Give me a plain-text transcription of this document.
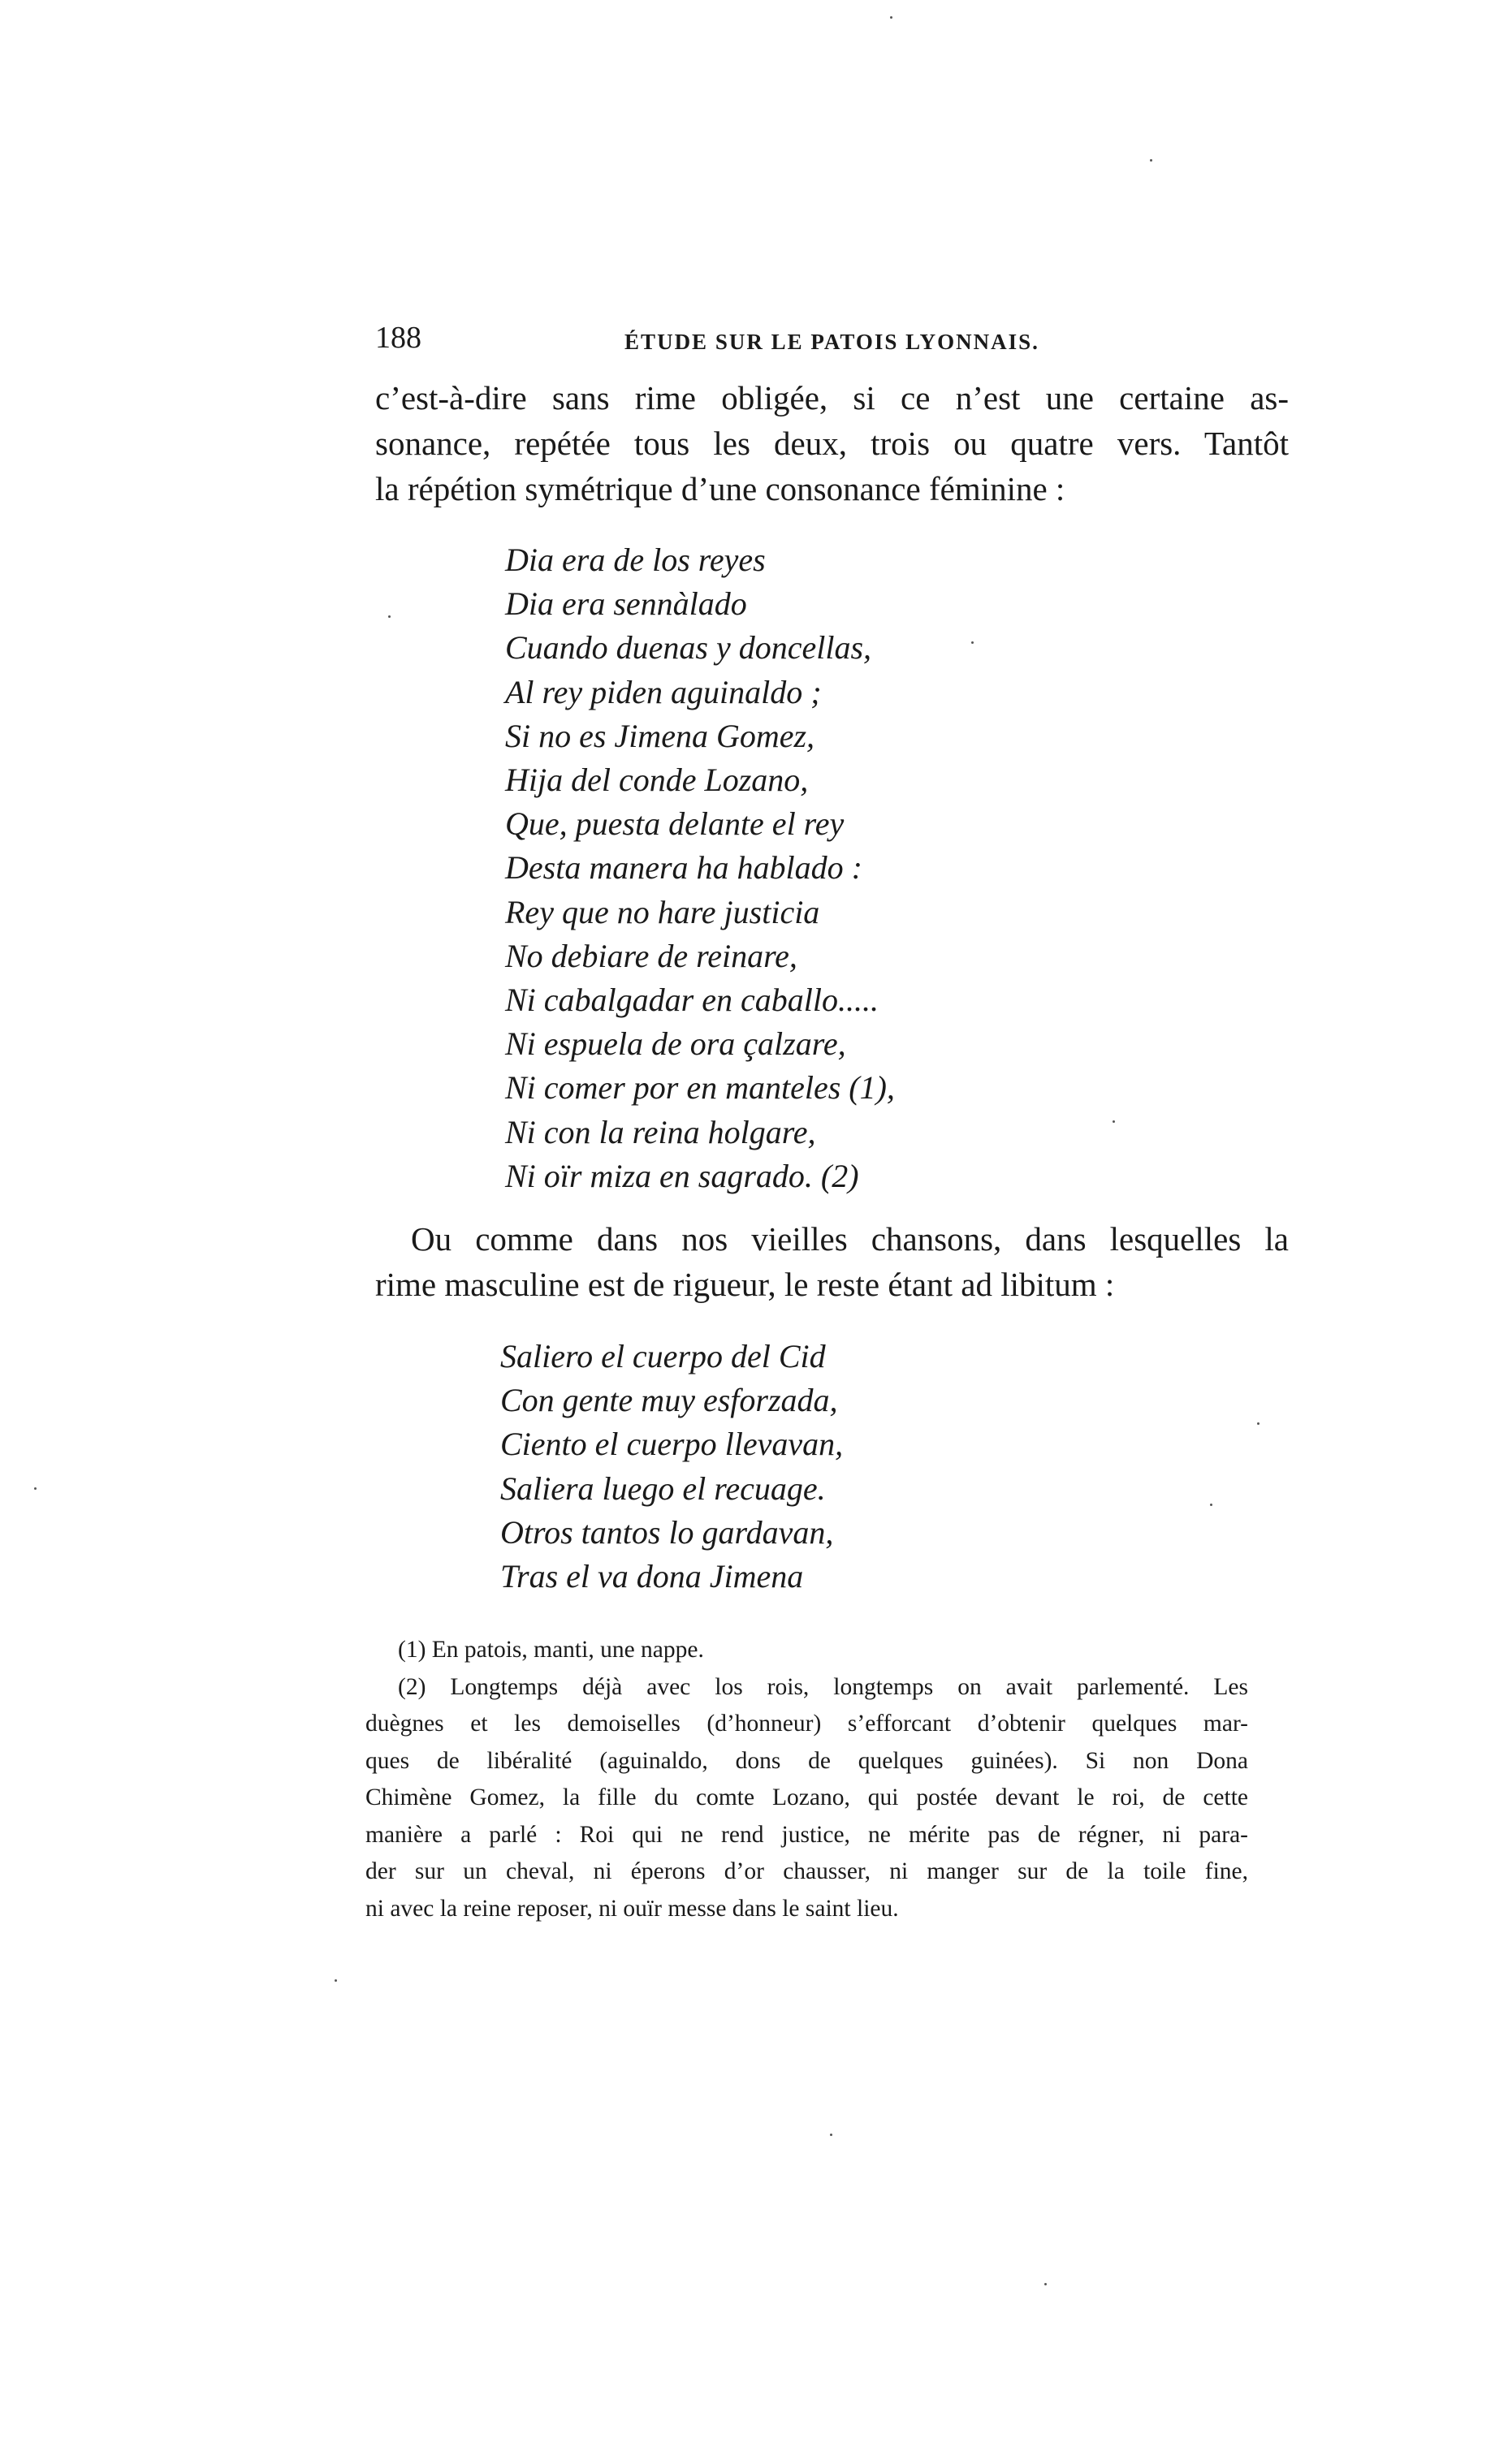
188	ÉTUDE SUR LE PATOIS LYONNAIS.

c’est-à-dire sans rime obligée, si ce n’est une certaine as-
sonance, repétée tous les deux, trois ou quatre vers. Tantôt
la répétion symétrique d’une consonance féminine :

Dia era de los reyes
Dia era sennàlado
Cuando duenas y doncellas,
Al rey piden aguinaldo ;
Si no es Jimena Gomez,
Hija del conde Lozano,
Que, puesta delante el rey
Desta manera ha hablado :
Rey que no hare justicia
No debiare de reinare,
Ni cabalgadar en caballo.....
Ni espuela de ora çalzare,
Ni comer por en manteles (1),
Ni con la reina holgare,
Ni oïr miza en sagrado. (2)

Ou comme dans nos vieilles chansons, dans lesquelles la
rime masculine est de rigueur, le reste étant ad libitum :

Saliero el cuerpo del Cid
Con gente muy esforzada,
Ciento el cuerpo llevavan,
Saliera luego el recuage.
Otros tantos lo gardavan,
Tras el va dona Jimena

(1) En patois, manti, une nappe.

(2) Longtemps déjà avec los rois, longtemps on avait parlementé. Les
duègnes et les demoiselles (d’honneur) s’efforcant d’obtenir quelques mar-
ques de libéralité (aguinaldo, dons de quelques guinées). Si non Dona
Chimène Gomez, la fille du comte Lozano, qui postée devant le roi, de cette
manière a parlé : Roi qui ne rend justice, ne mérite pas de régner, ni para-
der sur un cheval, ni éperons d’or chausser, ni manger sur de la toile fine,
ni avec la reine reposer, ni ouïr messe dans le saint lieu.
